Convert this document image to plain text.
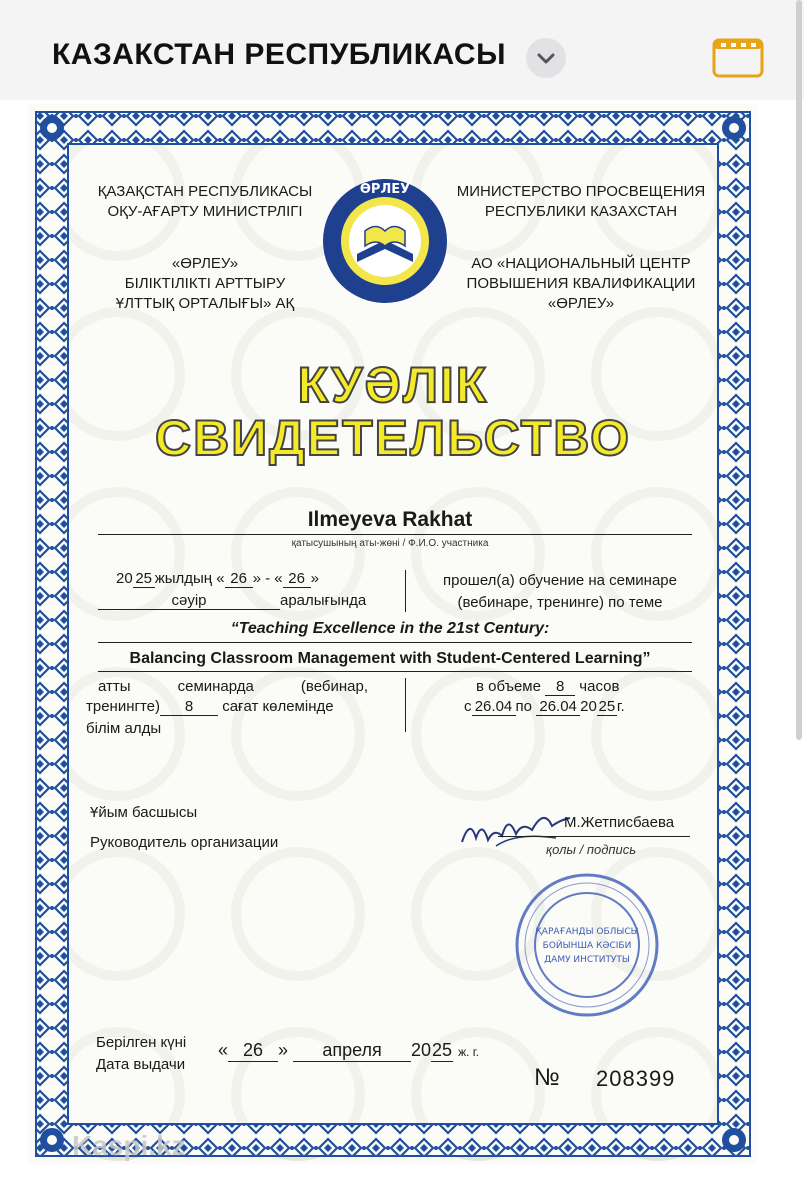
КАЗАКСТАН РЕСПУБЛИКАСЫ
ҚАЗАҚСТАН РЕСПУБЛИКАСЫ
ОҚУ-АҒАРТУ МИНИСТРЛІГІ
«ӨРЛЕУ»
БІЛІКТІЛІКТІ АРТТЫРУ
ҰЛТТЫҚ ОРТАЛЫҒЫ» АҚ
ӨРЛЕУ	МИНИСТЕРСТВО ПРОСВЕЩЕНИЯ
РЕСПУБЛИКИ КАЗАХСТАН
АО «НАЦИОНАЛЬНЫЙ ЦЕНТР
ПОВЫШЕНИЯ КВАЛИФИКАЦИИ
«ӨРЛЕУ»
КУӘЛІК
СВИДЕТЕЛЬСТВО
Ilmeyeva Rakhat
қатысушының аты-жөні / Ф.И.О. участника
20 25 жылдың « 26 » - « 26 »
сәуір	аралығында
прошел(а) обучение на семинаре
(вебинаре, тренинге) по теме
“Teaching Excellence in the 21st Century:
Balancing Classroom Management with Student-Centered Learning”
атты семинарда (вебинар,
тренингте) 8 сағат көлемінде
білім алды
в объеме 8 часов
с 26.04 по 26.04 20 25 г.
Ұйым басшысы
Руководитель организации
М.Жетписбаева
қолы / подпись
ҚАРАҒАНДЫ ОБЛЫСЫ
БОЙЫНША КӘСІБИ
ДАМУ ИНСТИТУТЫ
Берілген күні
Дата выдачи
« 26 » апреля 2025 ж. г.
№ 208399
Kaspi.kz
